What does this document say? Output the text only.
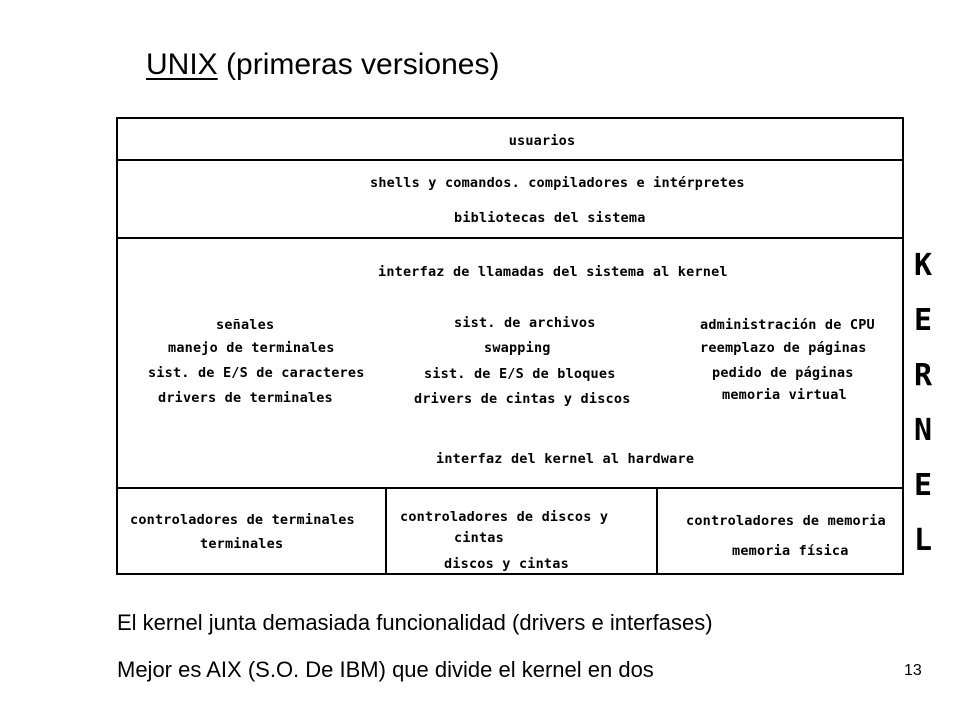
UNIX (primeras versiones)
usuarios
shells y comandos. compiladores e intérpretes
bibliotecas del sistema
interfaz de llamadas del sistema al kernel
señales
manejo de terminales
sist. de E/S de caracteres
drivers de terminales
sist. de archivos
swapping
sist. de E/S de bloques
drivers de cintas y discos
administración de CPU
reemplazo de páginas
pedido de páginas
memoria virtual
interfaz del kernel al hardware
controladores de terminales
terminales
controladores de discos y
cintas
discos y cintas
controladores de memoria
memoria física
K
E
R
N
E
L
El kernel junta demasiada funcionalidad (drivers e interfases)
Mejor es AIX (S.O. De IBM) que divide el kernel en dos	13
